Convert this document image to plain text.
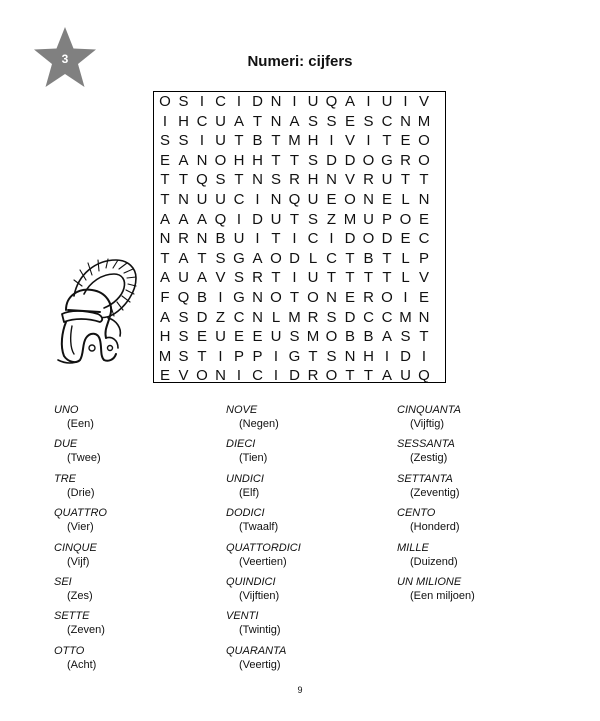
3	Numeri: cijfers
O S I C I D N I U Q A I U I V
I H C U A T N A S S E S C N M
S S I U T B T M H I V I T E O
E A N O H H T T S D D O G R O
T T Q S T N S R H N V R U T T
T N U U C I N Q U E O N E L N
A A A Q I D U T S Z M U P O E
N R N B U I T I C I D O D E C
T A T S G A O D L C T B T L P
A U A V S R T I U T T T T L V
F Q B I G N O T O N E R O I E
A S D Z C N L M R S D C C M N
H S E U E E U S M O B B A S T
M S T I P P I G T S N H I D I
E V O N I C I D R O T T A U Q
UNO
(Een)
DUE
(Twee)
TRE
(Drie)
QUATTRO
(Vier)
CINQUE
(Vijf)
SEI
(Zes)
SETTE
(Zeven)
OTTO
(Acht)
NOVE
(Negen)
DIECI
(Tien)
UNDICI
(Elf)
DODICI
(Twaalf)
QUATTORDICI
(Veertien)
QUINDICI
(Vijftien)
VENTI
(Twintig)
QUARANTA
(Veertig)
CINQUANTA
(Vijftig)
SESSANTA
(Zestig)
SETTANTA
(Zeventig)
CENTO
(Honderd)
MILLE
(Duizend)
UN MILIONE
(Een miljoen)
9
